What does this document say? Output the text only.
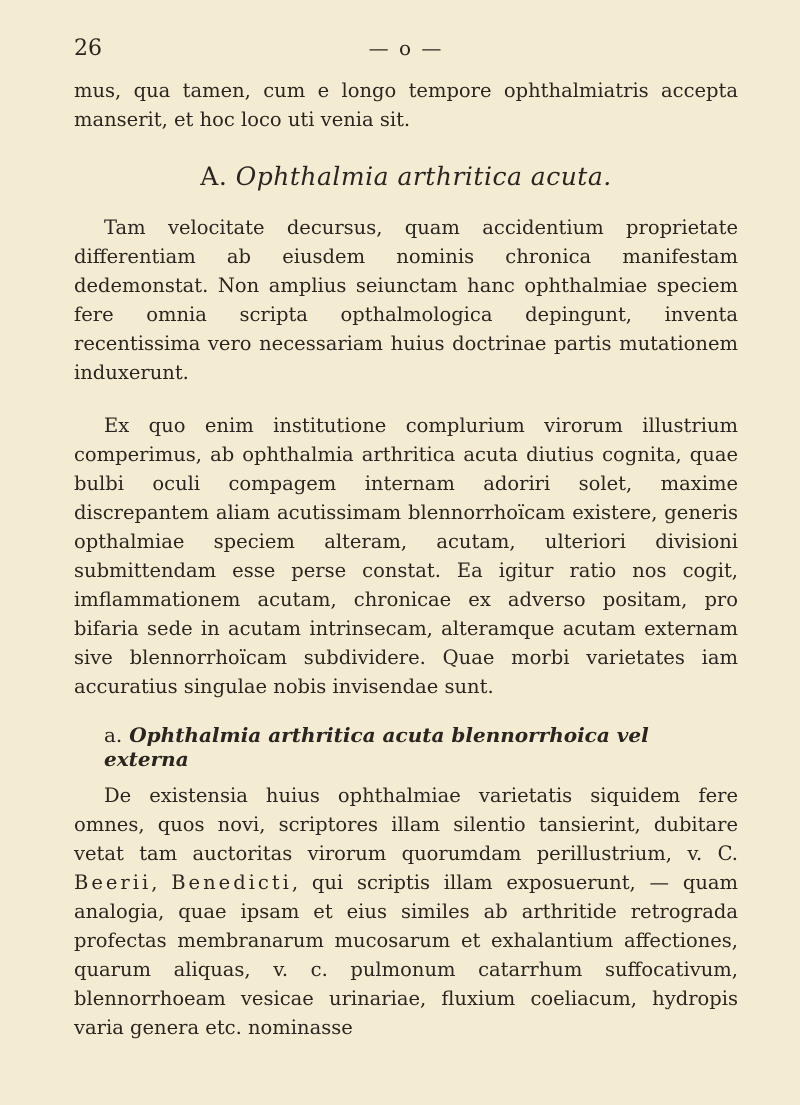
26	— o —

mus, qua tamen, cum e longo tempore ophthalmiatris accepta manserit, et hoc loco uti venia sit.

A. Ophthalmia arthritica acuta.

Tam velocitate decursus, quam accidentium proprietate differentiam ab eiusdem nominis chronica manifestam dedemonstat. Non amplius seiunctam hanc ophthalmiae speciem fere omnia scripta opthalmologica depingunt, inventa recentissima vero necessariam huius doctrinae partis mutationem induxerunt.

Ex quo enim institutione complurium virorum illustrium comperimus, ab ophthalmia arthritica acuta diutius cognita, quae bulbi oculi compagem internam adoriri solet, maxime discrepantem aliam acutissimam blennorrhoïcam existere, generis opthalmiae speciem alteram, acutam, ulteriori divisioni submittendam esse perse constat. Ea igitur ratio nos cogit, imflammationem acutam, chronicae ex adverso positam, pro bifaria sede in acutam intrinsecam, alteramque acutam externam sive blennorrhoïcam subdividere. Quae morbi varietates iam accuratius singulae nobis invisendae sunt.

a. Ophthalmia arthritica acuta blennorrhoica vel externa

De existensia huius ophthalmiae varietatis siquidem fere omnes, quos novi, scriptores illam silentio tansierint, dubitare vetat tam auctoritas virorum quorumdam perillustrium, v. C. Beerii, Benedicti, qui scriptis illam exposuerunt, — quam analogia, quae ipsam et eius similes ab arthritide retrograda profectas membranarum mucosarum et exhalantium affectiones, quarum aliquas, v. c. pulmonum catarrhum suffocativum, blennorrhoeam vesicae urinariae, fluxium coeliacum, hydropis varia genera etc. nominasse
